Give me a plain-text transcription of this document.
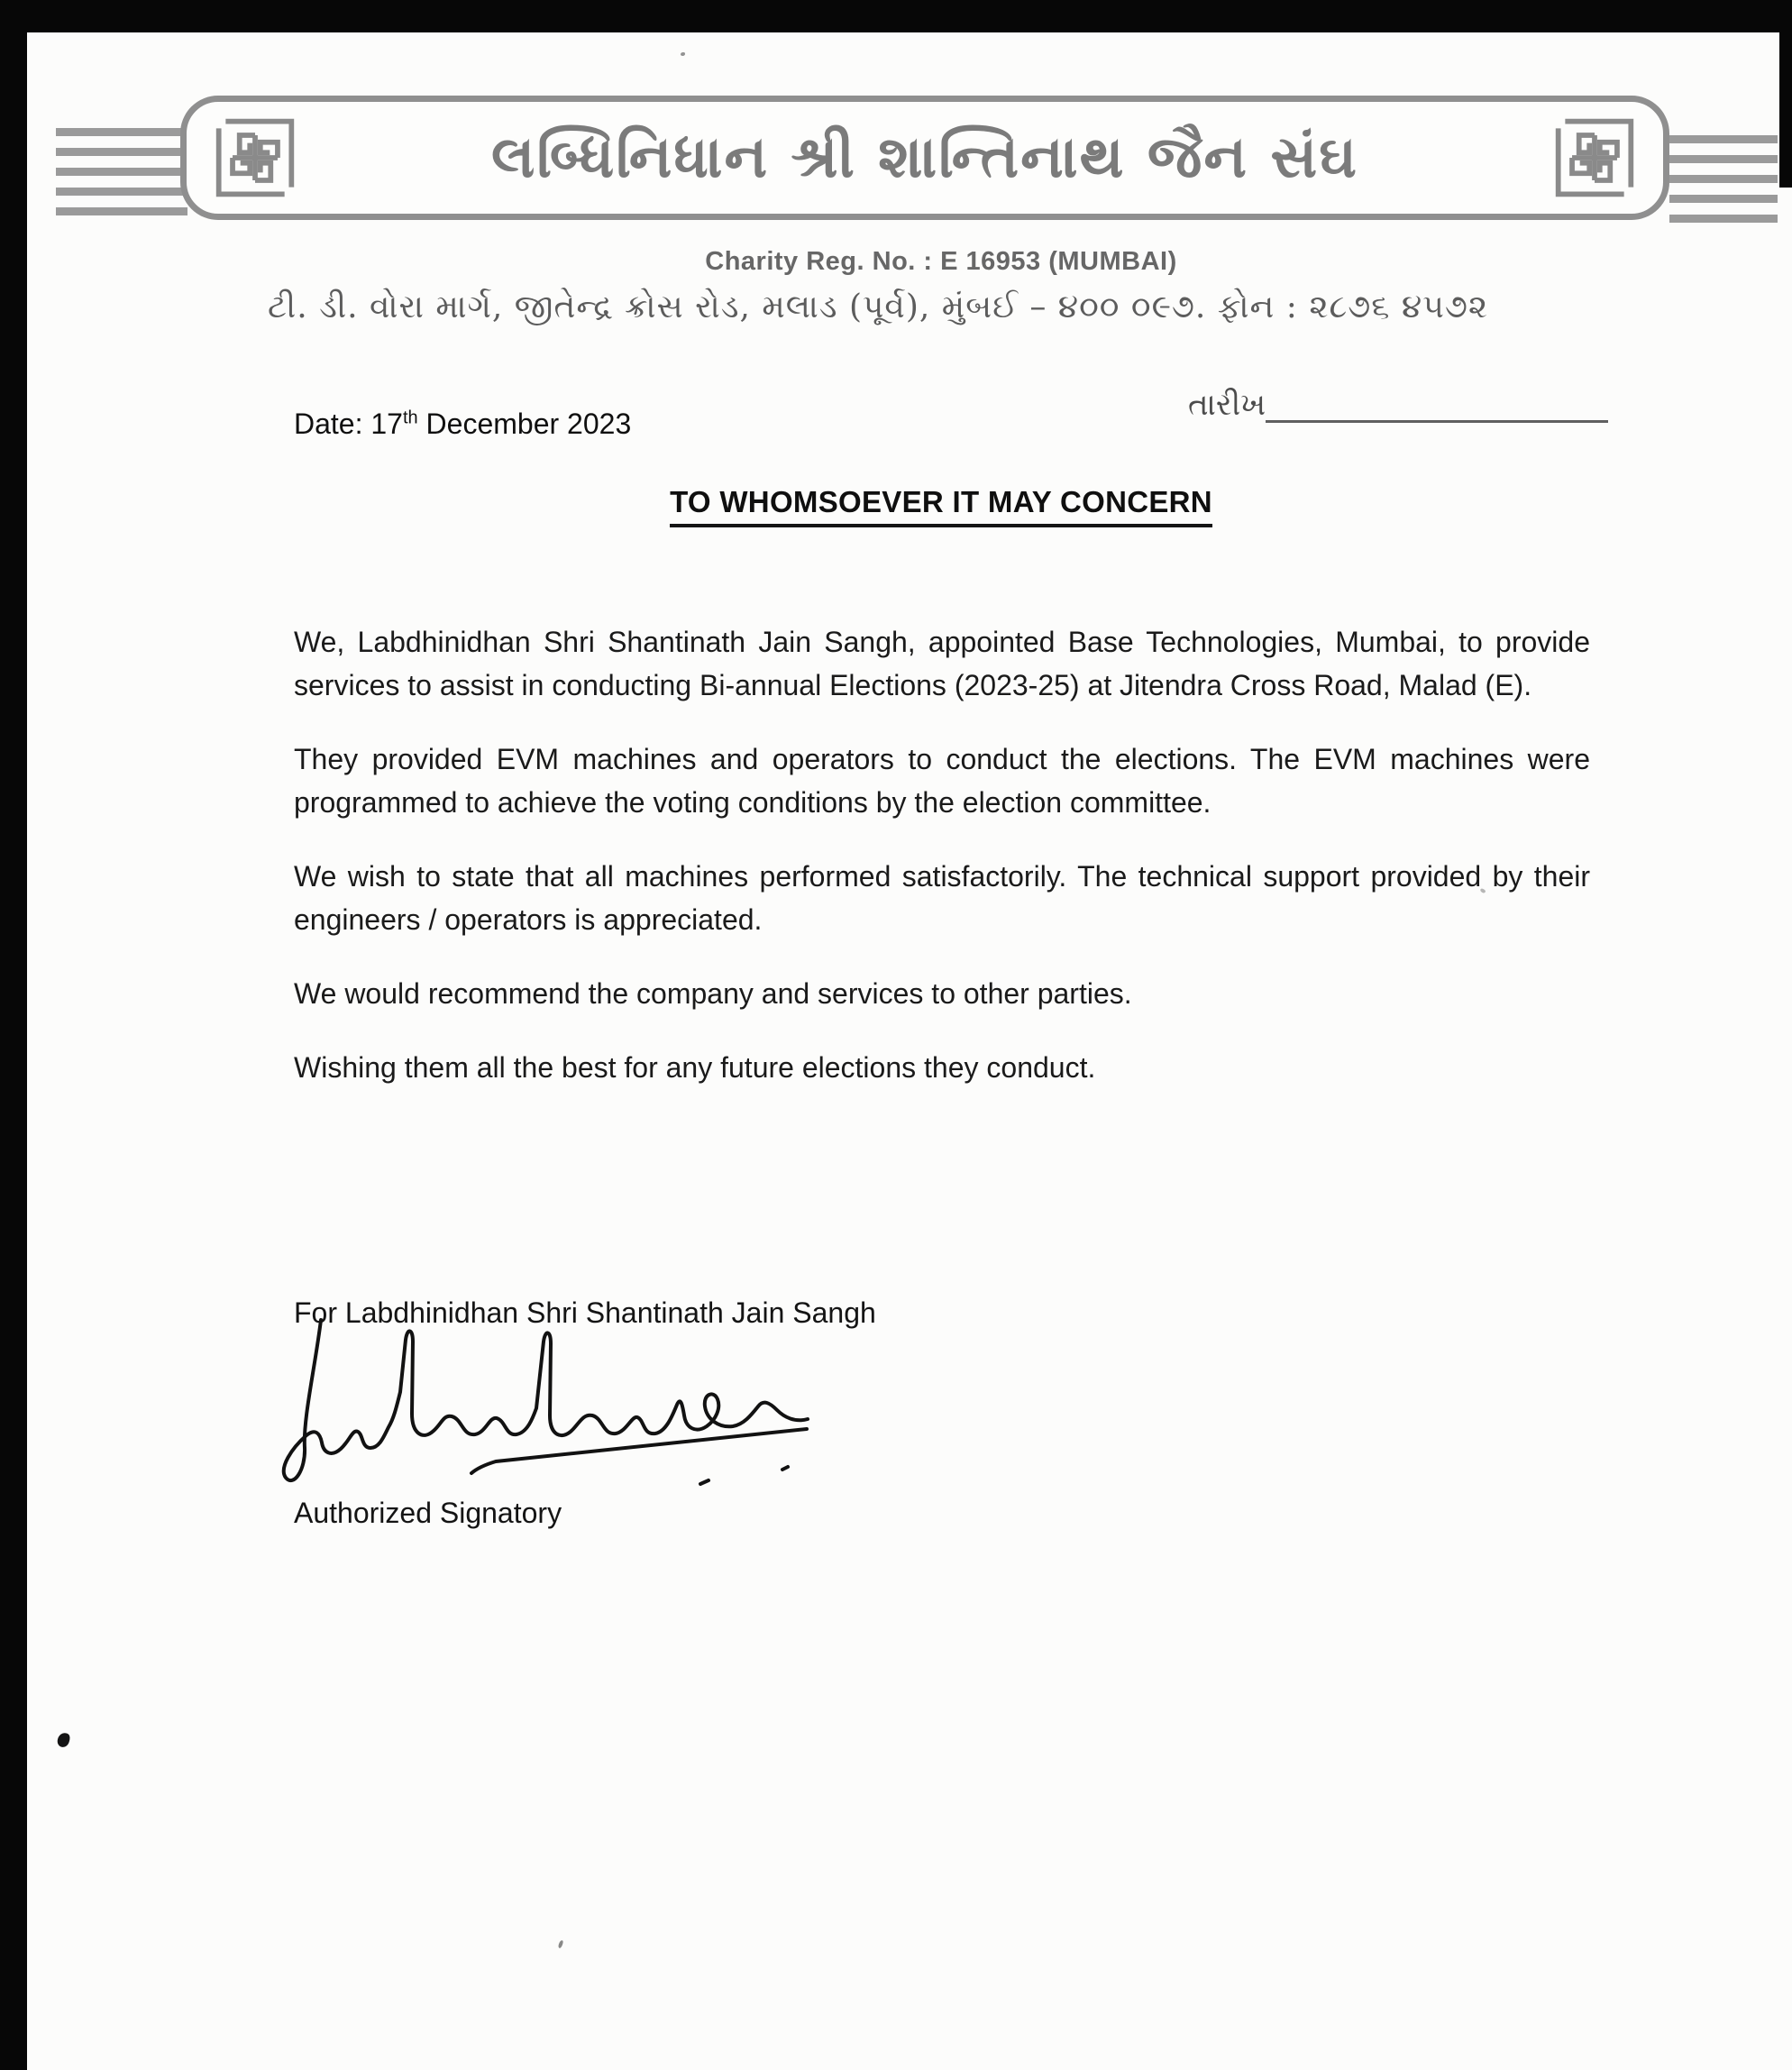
લબ્ધિનિધાન શ્રી શાન્તિનાથ જૈન સંઘ
Charity Reg. No. : E 16953 (MUMBAI)
ટી. ડી. વોરા માર્ગ, જીતેન્દ્ર ક્રોસ રોડ, મલાડ (પૂર્વ), મુંબઈ – ૪૦૦ ૦૯૭. ફોન : ૨૮૭૬ ૪૫૭૨
Date: 17th December 2023
તારીખ
TO WHOMSOEVER IT MAY CONCERN

We, Labdhinidhan Shri Shantinath Jain Sangh, appointed Base Technologies, Mumbai, to provide services to assist in conducting Bi-annual Elections (2023-25) at Jitendra Cross Road, Malad (E).

They provided EVM machines and operators to conduct the elections. The EVM machines were programmed to achieve the voting conditions by the election committee.

We wish to state that all machines performed satisfactorily. The technical support provided by their engineers / operators is appreciated.

We would recommend the company and services to other parties.

Wishing them all the best for any future elections they conduct.

For Labdhinidhan Shri Shantinath Jain Sangh
Authorized Signatory
